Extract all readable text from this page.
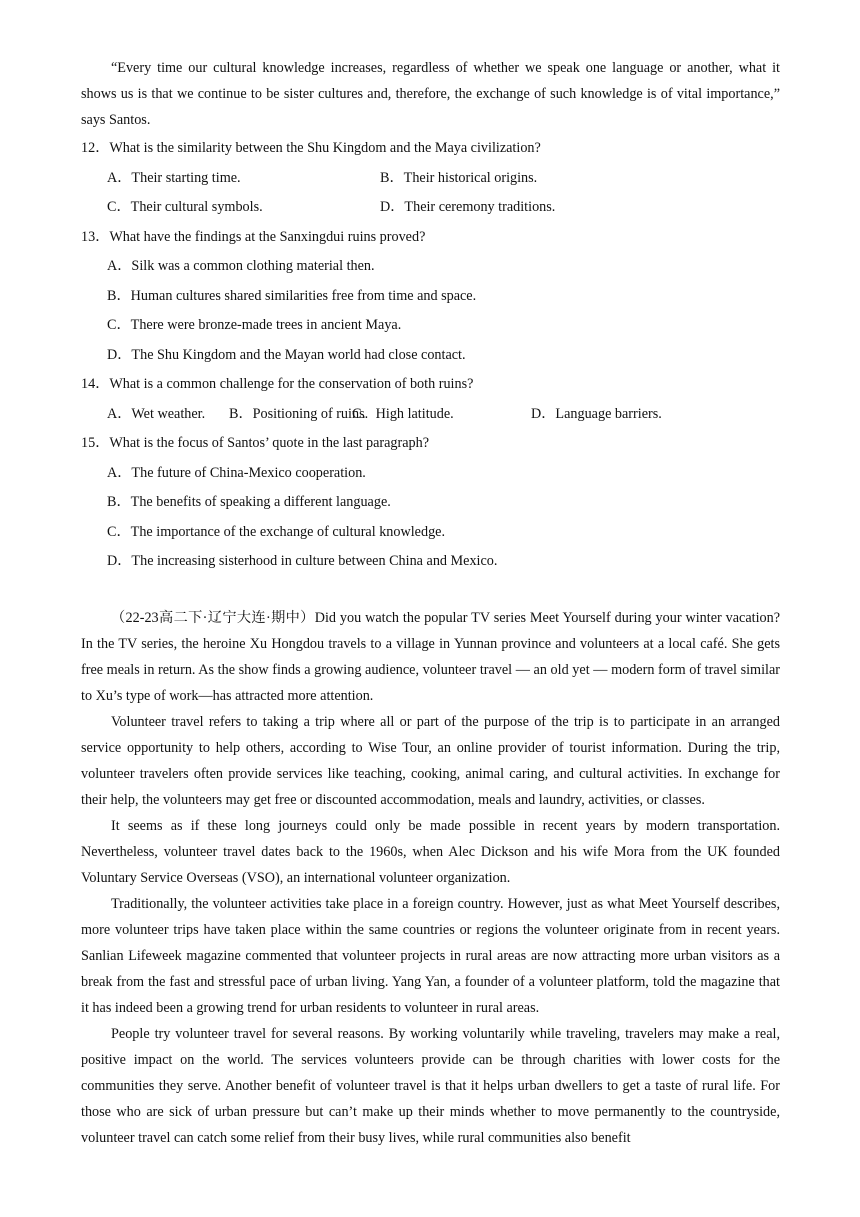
“Every time our cultural knowledge increases, regardless of whether we speak one language or another, what it shows us is that we continue to be sister cultures and, therefore, the exchange of such knowledge is of vital importance,” says Santos.

12．What is the similarity between the Shu Kingdom and the Maya civilization?

A．Their starting time.	B．Their historical origins.
C．Their cultural symbols.	D．Their ceremony traditions.

13．What have the findings at the Sanxingdui ruins proved?

A．Silk was a common clothing material then.

B．Human cultures shared similarities free from time and space.

C．There were bronze-made trees in ancient Maya.

D．The Shu Kingdom and the Mayan world had close contact.

14．What is a common challenge for the conservation of both ruins?

A．Wet weather.	B．Positioning of ruins.
C．High latitude.	D．Language barriers.

15．What is the focus of Santos’ quote in the last paragraph?

A．The future of China-Mexico cooperation.

B．The benefits of speaking a different language.

C．The importance of the exchange of cultural knowledge.

D．The increasing sisterhood in culture between China and Mexico.

（22-23高二下·辽宁大连·期中）Did you watch the popular TV series Meet Yourself during your winter vacation? In the TV series, the heroine Xu Hongdou travels to a village in Yunnan province and volunteers at a local café. She gets free meals in return. As the show finds a growing audience, volunteer travel — an old yet — modern form of travel similar to Xu’s type of work—has attracted more attention.

Volunteer travel refers to taking a trip where all or part of the purpose of the trip is to participate in an arranged service opportunity to help others, according to Wise Tour, an online provider of tourist information. During the trip, volunteer travelers often provide services like teaching, cooking, animal caring, and cultural activities. In exchange for their help, the volunteers may get free or discounted accommodation, meals and laundry, activities, or classes.

It seems as if these long journeys could only be made possible in recent years by modern transportation. Nevertheless, volunteer travel dates back to the 1960s, when Alec Dickson and his wife Mora from the UK founded Voluntary Service Overseas (VSO), an international volunteer organization.

Traditionally, the volunteer activities take place in a foreign country. However, just as what Meet Yourself describes, more volunteer trips have taken place within the same countries or regions the volunteer originate from in recent years. Sanlian Lifeweek magazine commented that volunteer projects in rural areas are now attracting more urban visitors as a break from the fast and stressful pace of urban living. Yang Yan, a founder of a volunteer platform, told the magazine that it has indeed been a growing trend for urban residents to volunteer in rural areas.

People try volunteer travel for several reasons. By working voluntarily while traveling, travelers may make a real, positive impact on the world. The services volunteers provide can be through charities with lower costs for the communities they serve. Another benefit of volunteer travel is that it helps urban dwellers to get a taste of rural life. For those who are sick of urban pressure but can’t make up their minds whether to move permanently to the countryside, volunteer travel can catch some relief from their busy lives, while rural communities also benefit
